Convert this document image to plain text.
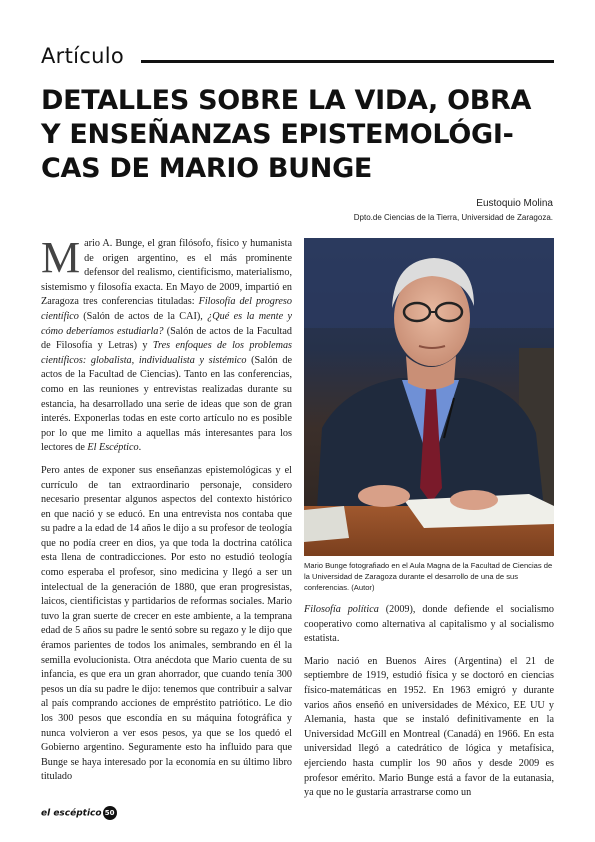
Artículo
DETALLES SOBRE LA VIDA, OBRA
Y ENSEÑANZAS EPISTEMOLÓGI-
CAS DE MARIO BUNGE
Eustoquio Molina
Dpto.de Ciencias de la Tierra, Universidad de Zaragoza.

Mario A. Bunge, el gran filósofo, físico y humanista de origen argentino, es el más prominente defensor del realismo, cientificismo, materialismo, sistemismo y filosofía exacta. En Mayo de 2009, impartió en Zaragoza tres conferencias tituladas: Filosofía del progreso científico (Salón de actos de la CAI), ¿Qué es la mente y cómo deberíamos estudiarla? (Salón de actos de la Facultad de Filosofía y Letras) y Tres enfoques de los problemas científicos: globalista, individualista y sistémico (Salón de actos de la Facultad de Ciencias). Tanto en las conferencias, como en las reuniones y entrevistas realizadas durante su estancia, ha desarrollado una serie de ideas que son de gran interés. Exponerlas todas en este corto artículo no es posible por lo que me limito a aquellas más interesantes para los lectores de El Escéptico.

Pero antes de exponer sus enseñanzas epistemológicas y el currículo de tan extraordinario personaje, considero necesario presentar algunos aspectos del contexto histórico en que nació y se educó. En una entrevista nos contaba que su padre a la edad de 14 años le dijo a su profesor de teología que no podía creer en dios, ya que toda la doctrina católica esta llena de contradicciones. Por esto no estudió teología como esperaba el profesor, sino medicina y llegó a ser un intelectual de la generación de 1880, que eran progresistas, laicos, cientificistas y partidarios de reformas sociales. Mario tuvo la gran suerte de crecer en este ambiente, a la temprana edad de 5 años su padre le sentó sobre su regazo y le dijo que éramos parientes de todos los animales, sembrando en él la semilla evolucionista. Otra anécdota que Mario cuenta de su infancia, es que era un gran ahorrador, que cuando tenía 300 pesos un día su padre le dijo: tenemos que contribuir a salvar al país comprando acciones de empréstito patriótico. Le dio los 300 pesos que escondía en su máquina fotográfica y nunca volvieron a ver esos pesos, ya que se los quedó el Gobierno argentino. Seguramente esto ha influido para que Bunge se haya interesado por la economía en su último libro titulado

Mario Bunge fotografiado en el Aula Magna de la Facultad de Ciencias de la Universidad de Zaragoza durante el desarrollo de una de sus conferencias. (Autor)

Filosofía política (2009), donde defiende el socialismo cooperativo como alternativa al capitalismo y al socialismo estatista.

Mario nació en Buenos Aires (Argentina) el 21 de septiembre de 1919, estudió física y se doctoró en ciencias físico-matemáticas en 1952. En 1963 emigró y durante varios años enseñó en universidades de México, EE UU y Alemania, hasta que se instaló definitivamente en la Universidad McGill en Montreal (Canadá) en 1966. En esta universidad llegó a catedrático de lógica y metafísica, ejerciendo hasta cumplir los 90 años y desde 2009 es profesor emérito. Mario Bunge está a favor de la eutanasia, ya que no le gustaría arrastrarse como un

el escéptico 50
